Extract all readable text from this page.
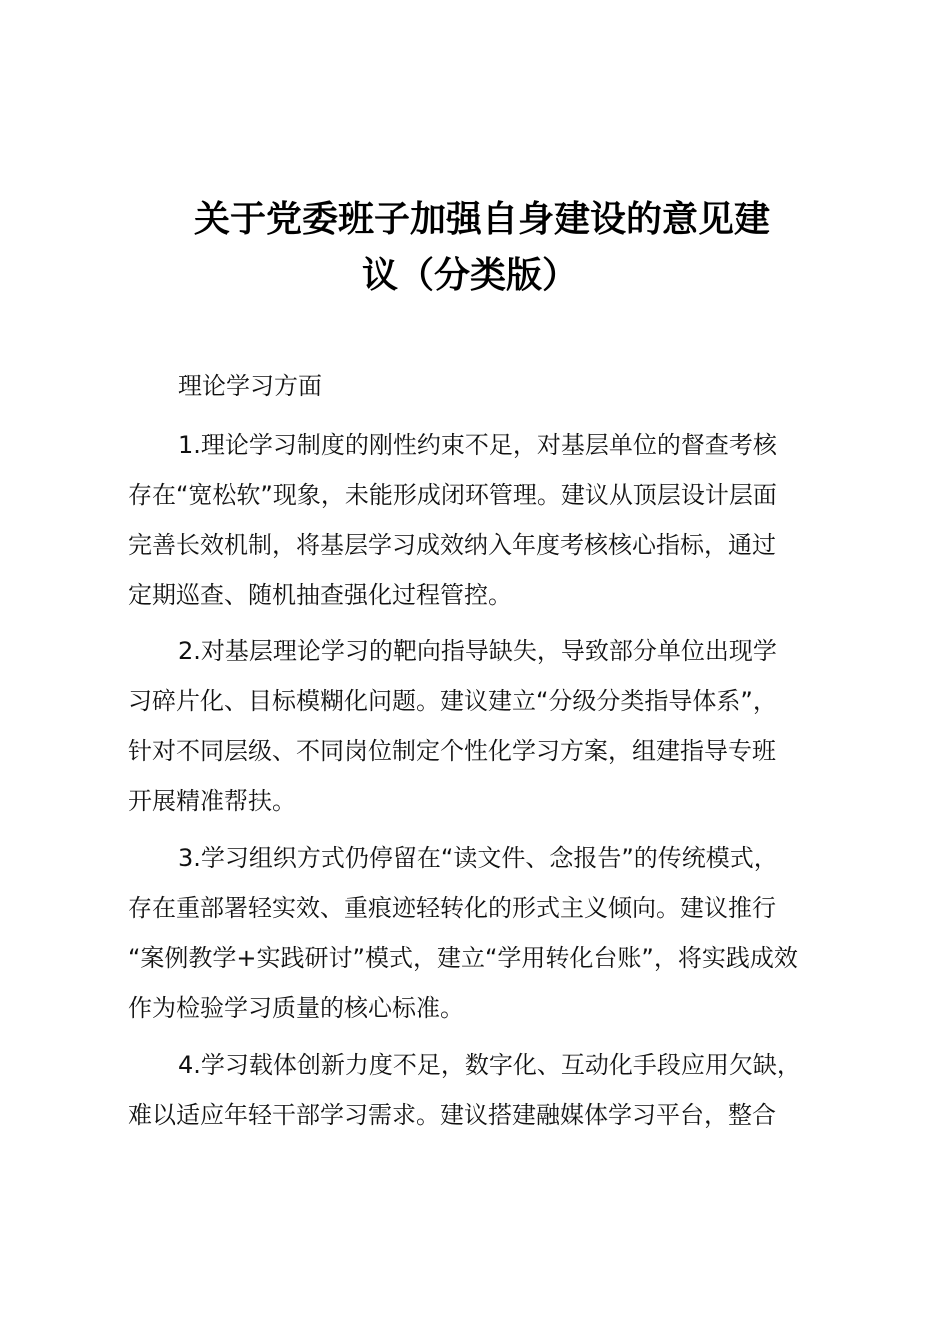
关于党委班子加强自身建设的意见建
议（分类版）
理论学习方面
1.理论学习制度的刚性约束不足，对基层单位的督查考核
存在“宽松软”现象，未能形成闭环管理。建议从顶层设计层面
完善长效机制，将基层学习成效纳入年度考核核心指标，通过
定期巡查、随机抽查强化过程管控。
2.对基层理论学习的靶向指导缺失，导致部分单位出现学
习碎片化、目标模糊化问题。建议建立“分级分类指导体系”，
针对不同层级、不同岗位制定个性化学习方案，组建指导专班
开展精准帮扶。
3.学习组织方式仍停留在“读文件、念报告”的传统模式，
存在重部署轻实效、重痕迹轻转化的形式主义倾向。建议推行
“案例教学+实践研讨”模式，建立“学用转化台账”，将实践成效
作为检验学习质量的核心标准。
4.学习载体创新力度不足，数字化、互动化手段应用欠缺，
难以适应年轻干部学习需求。建议搭建融媒体学习平台，整合
